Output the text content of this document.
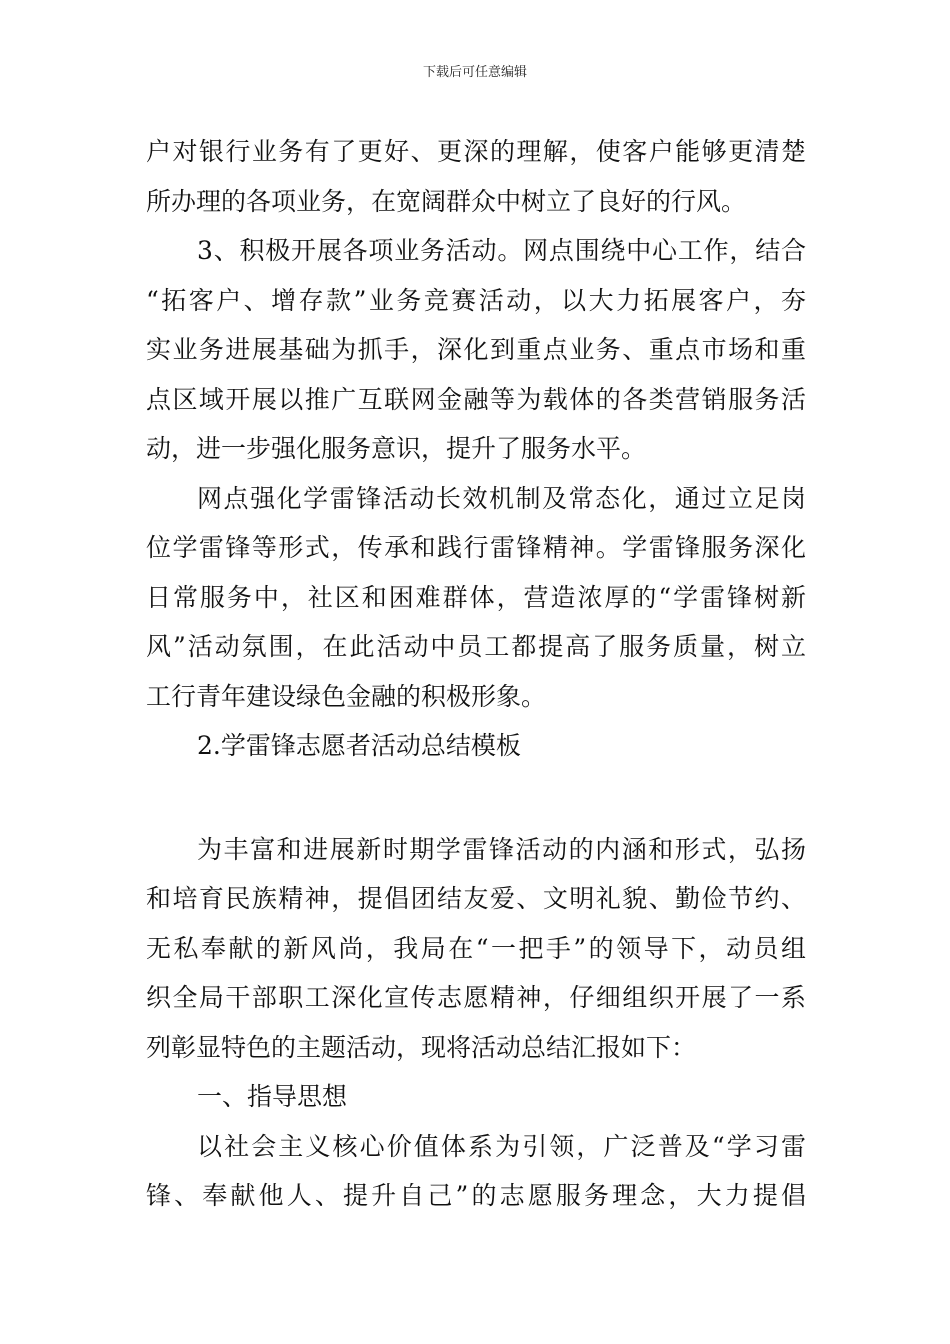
下载后可任意编辑
户对银行业务有了更好、更深的理解，使客户能够更清楚
所办理的各项业务，在宽阔群众中树立了良好的行风。
3、积极开展各项业务活动。网点围绕中心工作，结合
“拓客户、增存款”业务竞赛活动，以大力拓展客户，夯
实业务进展基础为抓手，深化到重点业务、重点市场和重
点区域开展以推广互联网金融等为载体的各类营销服务活
动，进一步强化服务意识，提升了服务水平。
网点强化学雷锋活动长效机制及常态化，通过立足岗
位学雷锋等形式，传承和践行雷锋精神。学雷锋服务深化
日常服务中，社区和困难群体，营造浓厚的“学雷锋树新
风”活动氛围，在此活动中员工都提高了服务质量，树立
工行青年建设绿色金融的积极形象。
2.学雷锋志愿者活动总结模板
为丰富和进展新时期学雷锋活动的内涵和形式，弘扬
和培育民族精神，提倡团结友爱、文明礼貌、勤俭节约、
无私奉献的新风尚，我局在“一把手”的领导下，动员组
织全局干部职工深化宣传志愿精神，仔细组织开展了一系
列彰显特色的主题活动，现将活动总结汇报如下：
一、指导思想
以社会主义核心价值体系为引领，广泛普及“学习雷
锋、奉献他人、提升自己”的志愿服务理念，大力提倡
